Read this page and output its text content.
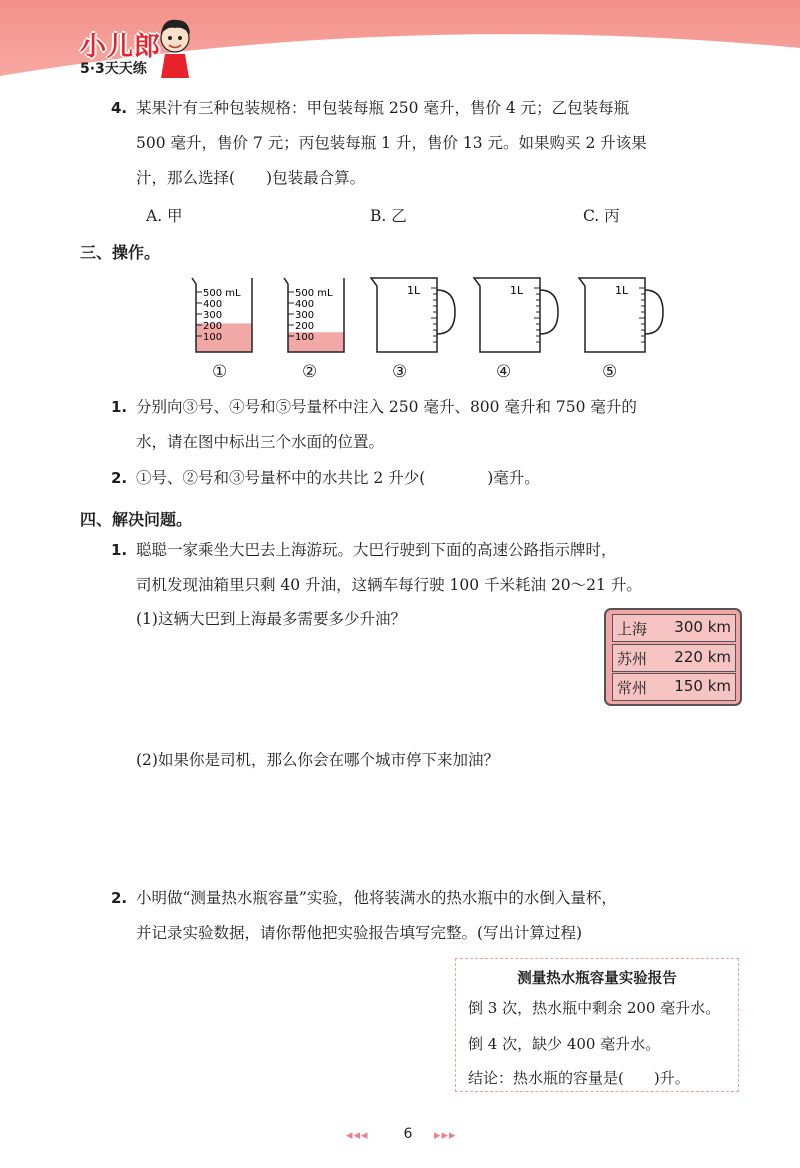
小儿郎
5·3天天练
4. 某果汁有三种包装规格：甲包装每瓶 250 毫升，售价 4 元；乙包装每瓶
500 毫升，售价 7 元；丙包装每瓶 1 升，售价 13 元。如果购买 2 升该果
汁，那么选择(　　)包装最合算。
A. 甲	B. 乙	C. 丙
三、操作。
500 mL
400
300
200
100
500 mL
400
300
200
100
1L	1L	1L
①	②	③	④	⑤
1. 分别向③号、④号和⑤号量杯中注入 250 毫升、800 毫升和 750 毫升的
水，请在图中标出三个水面的位置。
2. ①号、②号和③号量杯中的水共比 2 升少(　　　　)毫升。
四、解决问题。
1. 聪聪一家乘坐大巴去上海游玩。大巴行驶到下面的高速公路指示牌时，
司机发现油箱里只剩 40 升油，这辆车每行驶 100 千米耗油 20～21 升。
(1)这辆大巴到上海最多需要多少升油？
上海 300 km
苏州 220 km
常州 150 km
(2)如果你是司机，那么你会在哪个城市停下来加油？
2. 小明做“测量热水瓶容量”实验，他将装满水的热水瓶中的水倒入量杯，
并记录实验数据，请你帮他把实验报告填写完整。(写出计算过程)
测量热水瓶容量实验报告
倒 3 次，热水瓶中剩余 200 毫升水。
倒 4 次，缺少 400 毫升水。
结论：热水瓶的容量是(　　)升。
◂◂◂	6	▸▸▸
